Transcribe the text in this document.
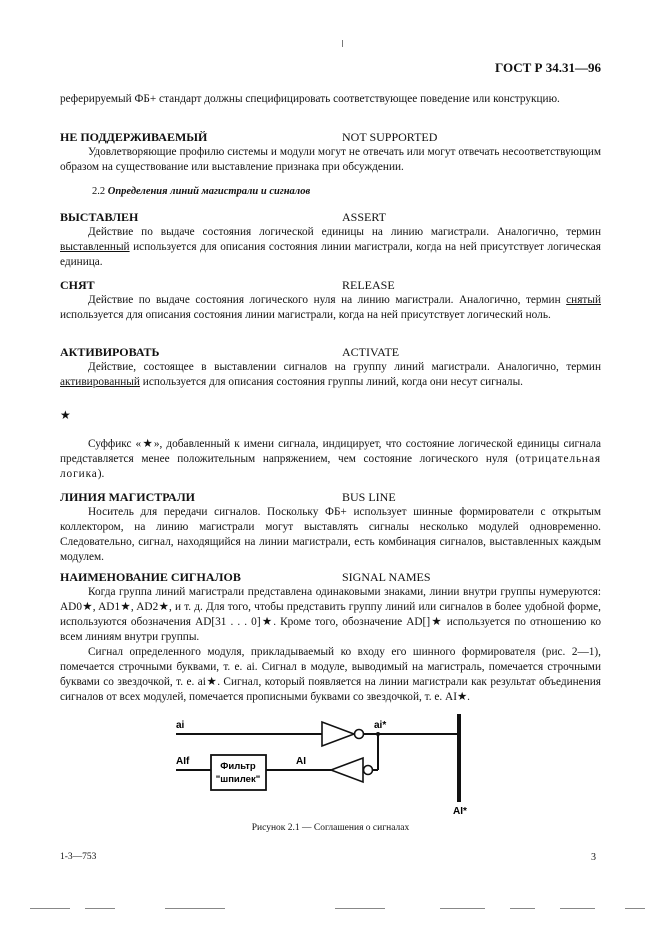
ГОСТ Р 34.31—96

реферируемый ФБ+ стандарт должны специфицировать соответствующее поведение или конструкцию.

НЕ ПОДДЕРЖИВАЕМЫЙ	NOT SUPPORTED

Удовлетворяющие профилю системы и модули могут не отвечать или могут отвечать несоответствующим образом на существование или выставление признака при обсуждении.

2.2 Определения линий магистрали и сигналов
ВЫСТАВЛЕН	ASSERT

Действие по выдаче состояния логической единицы на линию магистрали. Аналогично, термин выставленный используется для описания состояния линии магистрали, когда на ней присутствует логическая единица.

СНЯТ	RELEASE

Действие по выдаче состояния логического нуля на линию магистрали. Аналогично, термин снятый используется для описания состояния линии магистрали, когда на ней присутствует логический ноль.

АКТИВИРОВАТЬ	ACTIVATE

Действие, состоящее в выставлении сигналов на группу линий магистрали. Аналогично, термин активированный используется для описания состояния группы линий, когда они несут сигналы.

★

Суффикс «★», добавленный к имени сигнала, индицирует, что состояние логической единицы сигнала представляется менее положительным напряжением, чем состояние логического нуля (отрицательная логика).

ЛИНИЯ МАГИСТРАЛИ	BUS LINE

Носитель для передачи сигналов. Поскольку ФБ+ использует шинные формирователи с открытым коллектором, на линию магистрали могут выставлять сигналы несколько модулей одновременно. Следовательно, сигнал, находящийся на линии магистрали, есть комбинация сигналов, выставленных каждым модулем.

НАИМЕНОВАНИЕ СИГНАЛОВ	SIGNAL NAMES

Когда группа линий магистрали представлена одинаковыми знаками, линии внутри группы нумеруются: AD0★, AD1★, AD2★, и т. д. Для того, чтобы представить группу линий или сигналов в более удобной форме, используются обозначения AD[31 . . . 0]★. Кроме того, обозначение AD[]★ используется по отношению ко всем линиям внутри группы.

Сигнал определенного модуля, прикладываемый ко входу его шинного формирователя (рис. 2—1), помечается строчными буквами, т. е. ai. Сигнал в модуле, выводимый на магистраль, помечается строчными буквами со звездочкой, т. е. ai★. Сигнал, который появляется на линии магистрали как результат объединения сигналов от всех модулей, помечается прописными буквами со звездочкой, т. е. AI★.

ai	ai*
AI
Фильтр
"шпилек"
AIf
AI*
Рисунок 2.1 — Соглашения о сигналах
1-3—753	3
